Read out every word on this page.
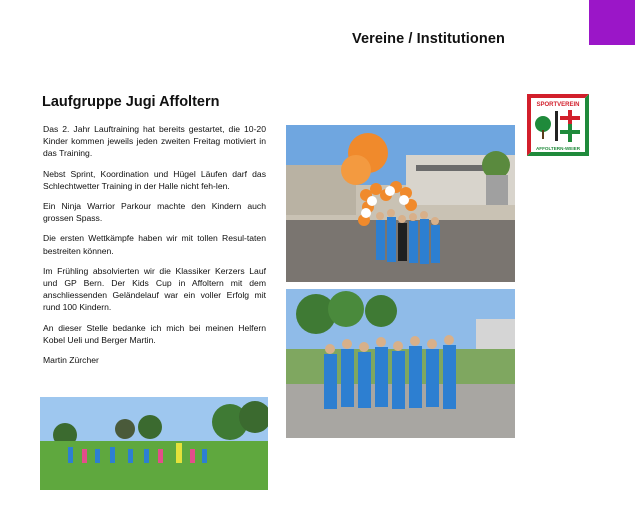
Vereine / Institutionen
Laufgruppe Jugi Affoltern

Das 2. Jahr Lauftraining hat bereits gestartet, die 10-20 Kinder kommen jeweils jeden zweiten Freitag motiviert in das Training.

Nebst Sprint, Koordination und Hügel Läufen darf das Schlechtwetter Training in der Halle nicht feh-len.

Ein Ninja Warrior Parkour machte den Kindern auch grossen Spass.

Die ersten Wettkämpfe haben wir mit tollen Resul-taten bestreiten können.

Im Frühling absolvierten wir die Klassiker Kerzers Lauf und GP Bern. Der Kids Cup in Affoltern mit dem anschliessenden Geländelauf war ein voller Erfolg mit rund 100 Kindern.

An dieser Stelle bedanke ich mich bei meinen Helfern Kobel Ueli und Berger Martin.

Martin Zürcher

SPORTVEREIN
AFFOLTERN-WEIER
